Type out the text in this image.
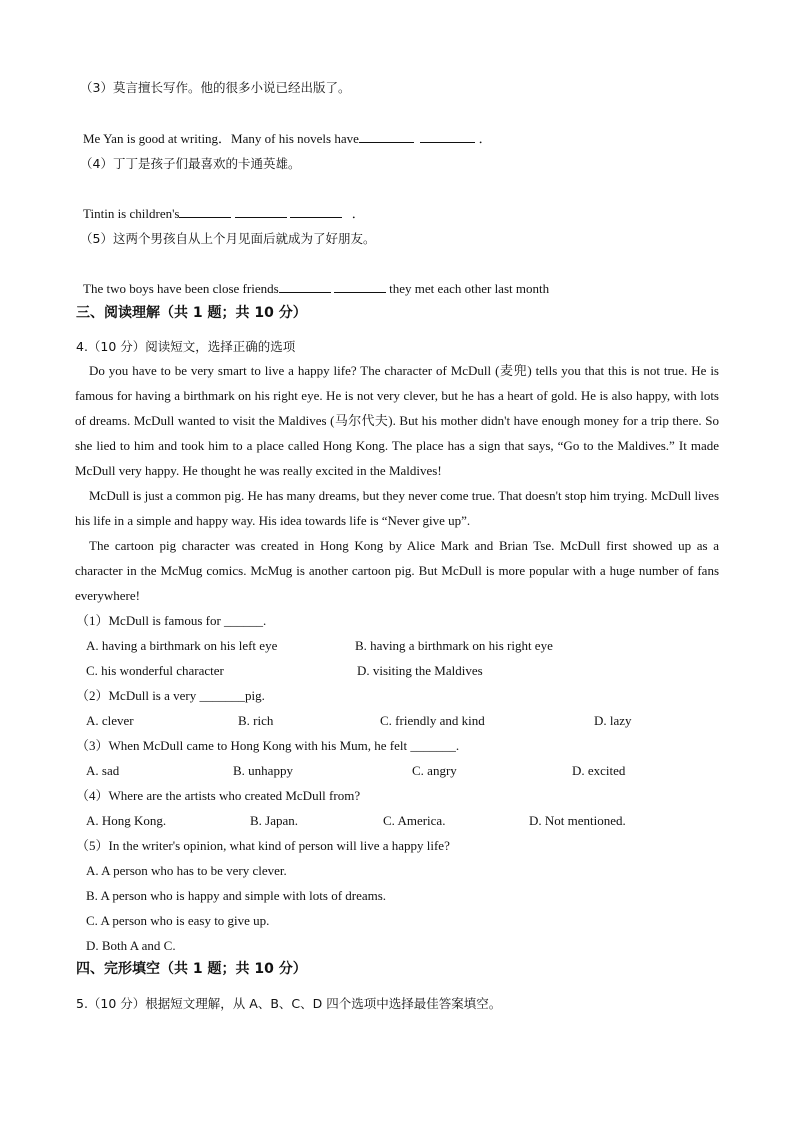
（3）莫言擅长写作。他的很多小说已经出版了。
Me Yan is good at writing．Many of his novels have	．
（4）丁丁是孩子们最喜欢的卡通英雄。
Tintin is children's	．
（5）这两个男孩自从上个月见面后就成为了好朋友。
The two boys have been close friends	they met each other last month
三、阅读理解（共 1 题；共 10 分）
4.（10 分）阅读短文，选择正确的选项
Do you have to be very smart to live a happy life? The character of McDull (麦兜) tells you that this is not true. He is famous for having a birthmark on his right eye. He is not very clever, but he has a heart of gold. He is also happy, with lots of dreams. McDull wanted to visit the Maldives (马尔代夫). But his mother didn't have enough money for a trip there. So she lied to him and took him to a place called Hong Kong. The place has a sign that says, “Go to the Maldives.” It made McDull very happy. He thought he was really excited in the Maldives!
McDull is just a common pig. He has many dreams, but they never come true. That doesn't stop him trying. McDull lives his life in a simple and happy way. His idea towards life is “Never give up”.
The cartoon pig character was created in Hong Kong by Alice Mark and Brian Tse. McDull first showed up as a character in the McMug comics. McMug is another cartoon pig. But McDull is more popular with a huge number of fans everywhere!
（1）McDull is famous for ______.
A. having a birthmark on his left eye	B. having a birthmark on his right eye
C. his wonderful character	D. visiting the Maldives
（2）McDull is a very _______pig.
A. clever	B. rich	C. friendly and kind	D. lazy
（3）When McDull came to Hong Kong with his Mum, he felt _______.
A. sad	B. unhappy	C. angry	D. excited
（4）Where are the artists who created McDull from?
A. Hong Kong.	B. Japan.	C. America.	D. Not mentioned.
（5）In the writer's opinion, what kind of person will live a happy life?
A. A person who has to be very clever.
B. A person who is happy and simple with lots of dreams.
C. A person who is easy to give up.
D. Both A and C.
四、完形填空（共 1 题；共 10 分）
5.（10 分）根据短文理解，从 A、B、C、D 四个选项中选择最佳答案填空。
